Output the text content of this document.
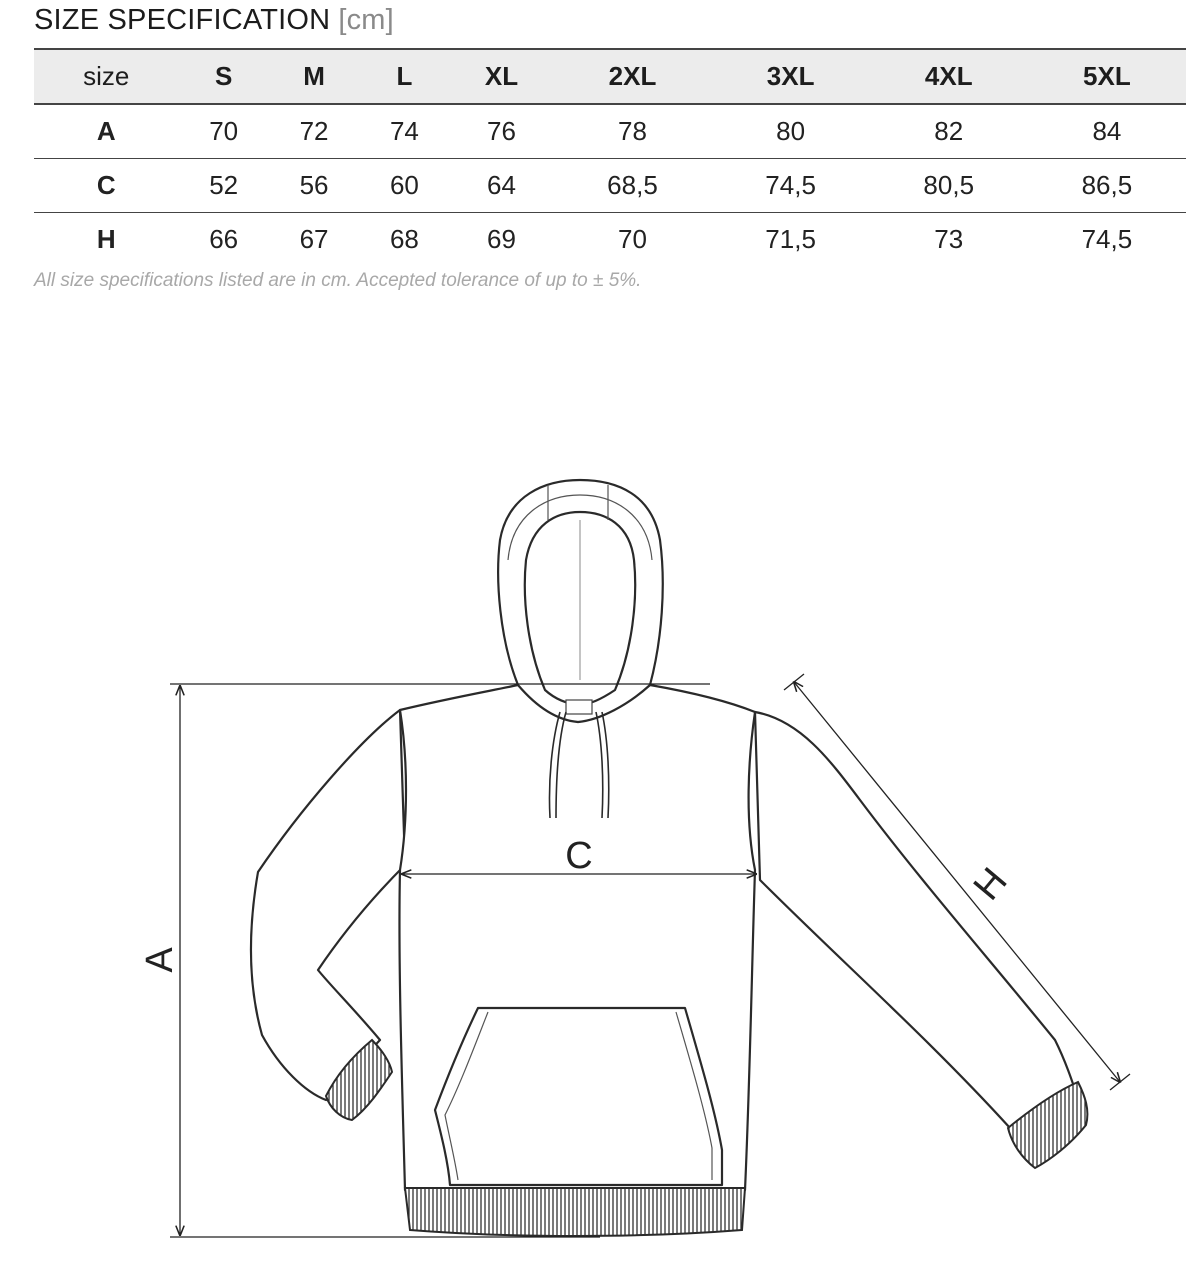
SIZE SPECIFICATION [cm]
size	S	M	L	XL	2XL	3XL	4XL	5XL
A	70	72	74	76	78	80	82	84
C	52	56	60	64	68,5	74,5	80,5	86,5
H	66	67	68	69	70	71,5	73	74,5
All size specifications listed are in cm. Accepted tolerance of up to ± 5%.
A
C
H
